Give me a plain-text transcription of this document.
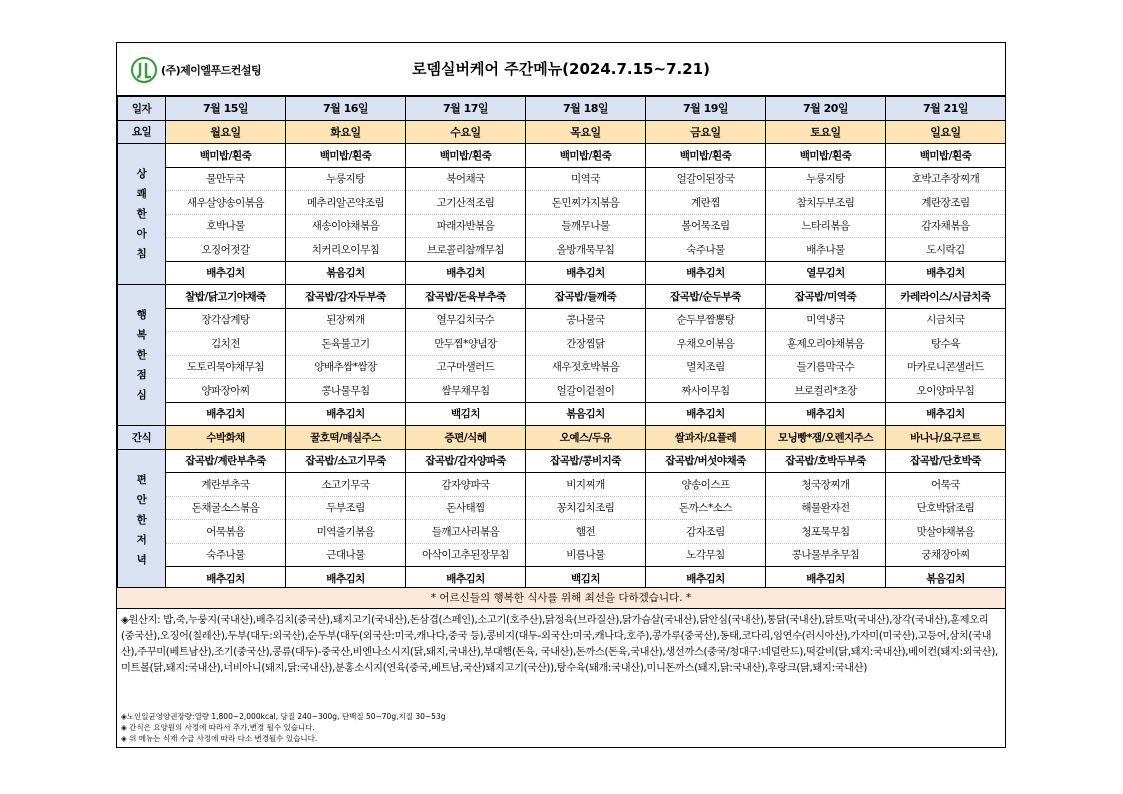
(주)제이엘푸드컨설팅	로뎀실버케어 주간메뉴(2024.7.15~7.21)
일자	7월 15일	7월 16일	7월 17일	7월 18일	7월 19일	7월 20일	7월 21일
요일	월요일	화요일	수요일	목요일	금요일	토요일	일요일

상
쾌
한
아
침	백미밥/흰죽	백미밥/흰죽	백미밥/흰죽	백미밥/흰죽	백미밥/흰죽	백미밥/흰죽	백미밥/흰죽
	물만두국	누룽지탕	북어채국	미역국	얼갈이된장국	누룽지탕	호박고추장찌개
	새우살양송이볶음	메추리알곤약조림	고기산적조림	돈민찌가지볶음	계란찜	참치두부조림	계란장조림
	호박나물	새송이야채볶음	파래자반볶음	들깨무나물	볼어묵조림	느타리볶음	감자채볶음
	오징어젓갈	치커리오이무침	브로콜리참깨무침	올방개묵무침	숙주나물	배추나물	도시락김
	배추김치	볶음김치	배추김치	배추김치	배추김치	열무김치	배추김치

행
복
한
점
심	찰밥/닭고기야채죽	잡곡밥/감자두부죽	잡곡밥/돈육부추죽	잡곡밥/들깨죽	잡곡밥/순두부죽	잡곡밥/미역죽	카레라이스/시금치죽
	장각삼계탕	된장찌개	열무김치국수	콩나물국	순두부짬뽕탕	미역냉국	시금치국
	김치전	돈육불고기	만두찜*양념장	간장찜닭	우채오이볶음	훈제오리야채볶음	탕수육
	도토리묵야채무침	양배추쌈*쌈장	고구마샐러드	새우젓호박볶음	멸치조림	들기름막국수	마카로니콘샐러드
	양파장아찌	콩나물무침	쌈무채무침	얼갈이겉절이	짜사이무침	브로컬리*초장	오이양파무침
	배추김치	배추김치	백김치	볶음김치	배추김치	배추김치	배추김치
간식	수박화채	꿀호떡/매실주스	증편/식혜	오예스/두유	쌀과자/요플레	모닝빵*잼/오렌지주스	바나나/요구르트

편
안
한
저
녁	잡곡밥/계란부추죽	잡곡밥/소고기무죽	잡곡밥/감자양파죽	잡곡밥/콩비지죽	잡곡밥/버섯야채죽	잡곡밥/호박두부죽	잡곡밥/단호박죽
	계란부추국	소고기무국	감자양파국	비지찌개	양송이스프	청국장찌개	어묵국
	돈채굴소스볶음	두부조림	돈사태찜	꽁치김치조림	돈까스*소스	해물완자전	단호박닭조림
	어묵볶음	미역줄기볶음	들깨고사리볶음	햄전	감자조림	청포묵무침	맛살야채볶음
	숙주나물	근대나물	아삭이고추된장무침	비름나물	노각무침	콩나물부추무침	궁채장아찌
	배추김치	배추김치	배추김치	백김치	배추김치	배추김치	볶음김치
* 어르신들의 행복한 식사를 위해 최선을 다하겠습니다. *
◈원산지: 밥,죽,누룽지(국내산),배추김치(중국산),돼지고기(국내산),돈삼겹(스페인),소고기(호주산),닭정육(브라질산),닭가슴살(국내산),닭안심(국내산),통닭(국내산),닭토막(국내산),장각(국내산),훈제오리(중국산),오징어(칠레산),두부(대두:외국산),순두부(대두(외국산:미국,캐나다,중국 등),콩비지(대두-외국산:미국,캐나다,호주),콩가루(중국산),동태,코다리,임연수(러시아산),가자미(미국산),고등어,삼치(국내산),주꾸미(베트남산),조기(중국산),콩류(대두)-중국산,비엔나소시지(닭,돼지,국내산),부대햄(돈육, 국내산),돈까스(돈육,국내산),생선까스(중국/청대구:네덜란드),떡갈비(닭,돼지:국내산),베이컨(돼지:외국산),미트볼(닭,돼지:국내산),너비아니(돼지,닭:국내산),분홍소시지(연육(중국,베트남,국산)돼지고기(국산)),탕수육(돼개:국내산),미니돈까스(돼지,닭:국내산),후랑크(닭,돼지:국내산)
◈노인일균영양권장량:열량 1,800~2,000kcal, 당질 240~300g, 단백질 50~70g,지질 30~53g
◈ 간식은 요양원의 사정에 따라서 추가,변경 될수 있습니다.
◈ 위 메뉴는 식재 수급 사정에 따라 다소 변경될수 있습니다.
